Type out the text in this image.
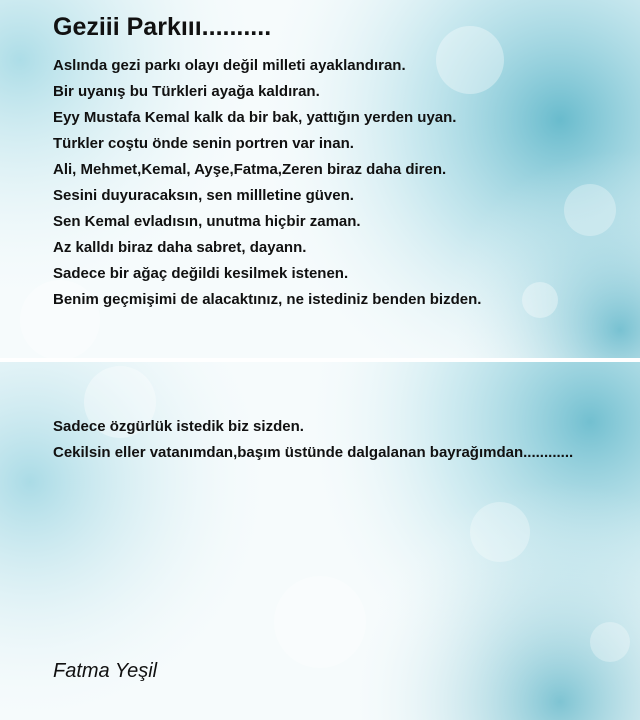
Geziii Parkııı..........
Aslında gezi parkı olayı değil milleti ayaklandıran.
Bir uyanış bu Türkleri ayağa kaldıran.
Eyy Mustafa Kemal kalk da bir bak, yattığın yerden uyan.
Türkler coştu önde senin portren var inan.
Ali, Mehmet,Kemal, Ayşe,Fatma,Zeren biraz daha diren.
Sesini duyuracaksın, sen millletine güven.
Sen Kemal evladısın, unutma hiçbir zaman.
Az kalldı biraz daha sabret, dayann.
Sadece bir ağaç değildi kesilmek istenen.
Benim geçmişimi de alacaktınız, ne istediniz benden bizden.
Sadece özgürlük istedik biz sizden.
Cekilsin eller vatanımdan,başım üstünde dalgalanan bayrağımdan............
Fatma Yeşil
